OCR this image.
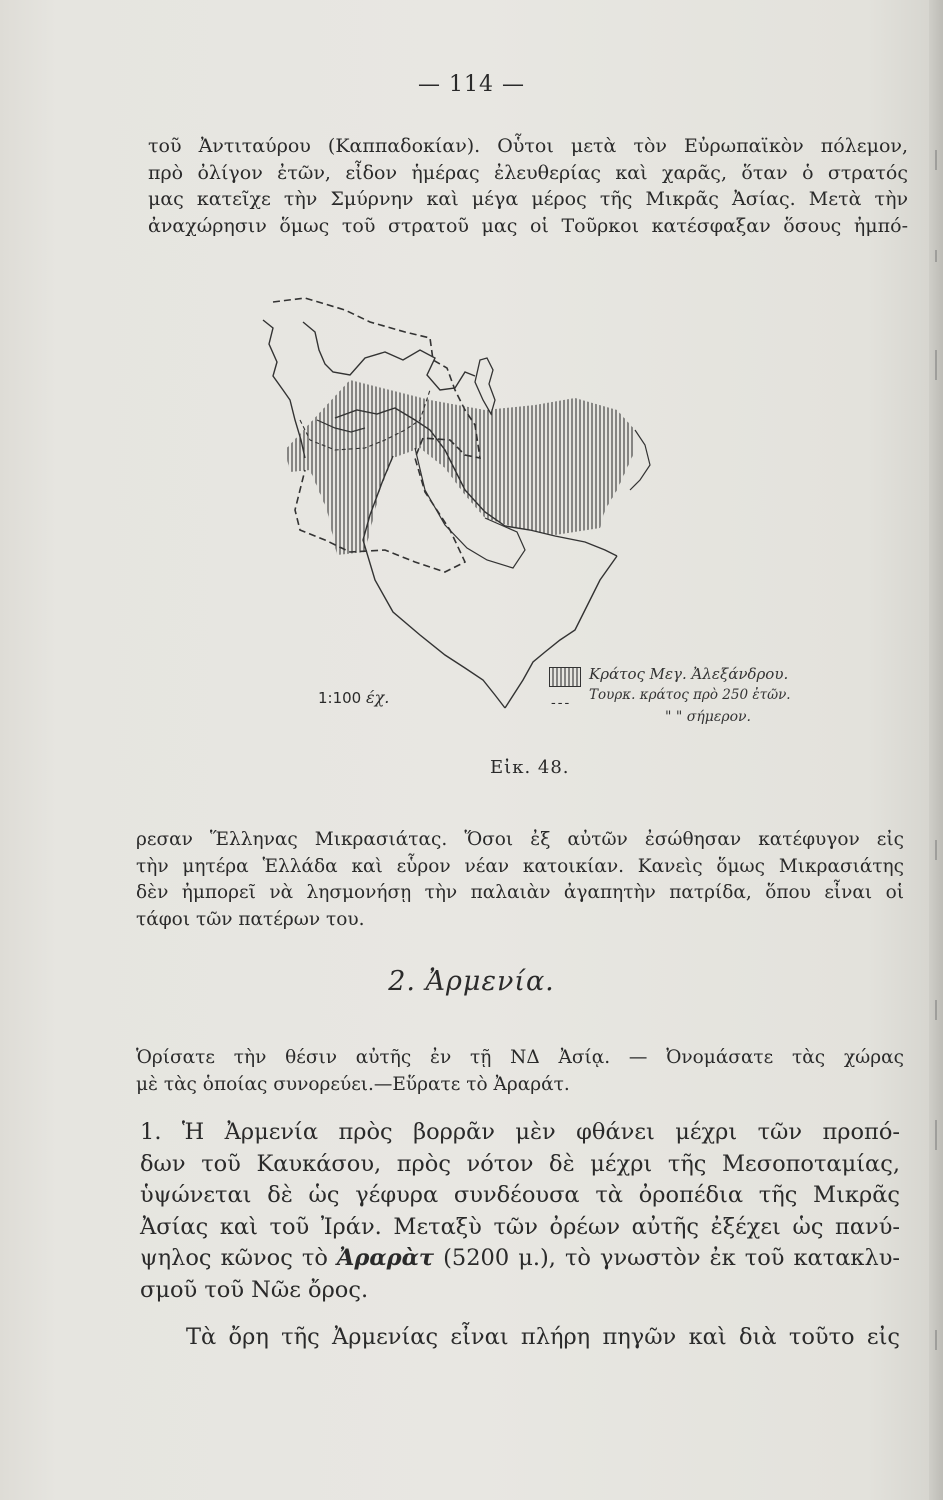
— 114 —

τοῦ Ἀντιταύρου (Καππαδοκίαν). Οὗτοι μετὰ τὸν Εὐρωπαϊκὸν πόλεμον,
πρὸ ὀλίγον ἐτῶν, εἶδον ἡμέρας ἐλευθερίας καὶ χαρᾶς, ὅταν ὁ στρατός
μας κατεῖχε τὴν Σμύρνην καὶ μέγα μέρος τῆς Μικρᾶς Ἀσίας. Μετὰ τὴν
ἀναχώρησιν ὅμως τοῦ στρατοῦ μας οἱ Τοῦρκοι κατέσφαξαν ὅσους ἠμπό-

1:100 έχ.
Κράτος Μεγ. Ἀλεξάνδρου.
---	Τουρκ. κράτος πρὸ 250 ἐτῶν.
" " σήμερον.
Εἰκ. 48.

ρεσαν Ἕλληνας Μικρασιάτας. Ὅσοι ἐξ αὐτῶν ἐσώθησαν κατέφυγον εἰς
τὴν μητέρα Ἑλλάδα καὶ εὗρον νέαν κατοικίαν. Κανεὶς ὅμως Μικρασιάτης
δὲν ἠμπορεῖ νὰ λησμονήσῃ τὴν παλαιὰν ἀγαπητὴν πατρίδα, ὅπου εἶναι οἱ

τάφοι τῶν πατέρων του.

2. Ἀρμενία.

Ὁρίσατε τὴν θέσιν αὐτῆς ἐν τῇ ΝΔ Ἀσίᾳ. — Ὀνομάσατε τὰς χώρας

μὲ τὰς ὁποίας συνορεύει.—Εὕρατε τὸ Ἀραράτ.

1. Ἡ Ἀρμενία πρὸς βορρᾶν μὲν φθάνει μέχρι τῶν προπό-
δων τοῦ Καυκάσου, πρὸς νότον δὲ μέχρι τῆς Μεσοποταμίας,
ὑψώνεται δὲ ὡς γέφυρα συνδέουσα τὰ ὀροπέδια τῆς Μικρᾶς
Ἀσίας καὶ τοῦ Ἰράν. Μεταξὺ τῶν ὀρέων αὐτῆς ἐξέχει ὡς πανύ-
ψηλος κῶνος τὸ Ἀραρὰτ (5200 μ.), τὸ γνωστὸν ἐκ τοῦ κατακλυ-

σμοῦ τοῦ Νῶε ὄρος.

Τὰ ὄρη τῆς Ἀρμενίας εἶναι πλήρη πηγῶν καὶ διὰ τοῦτο εἰς
